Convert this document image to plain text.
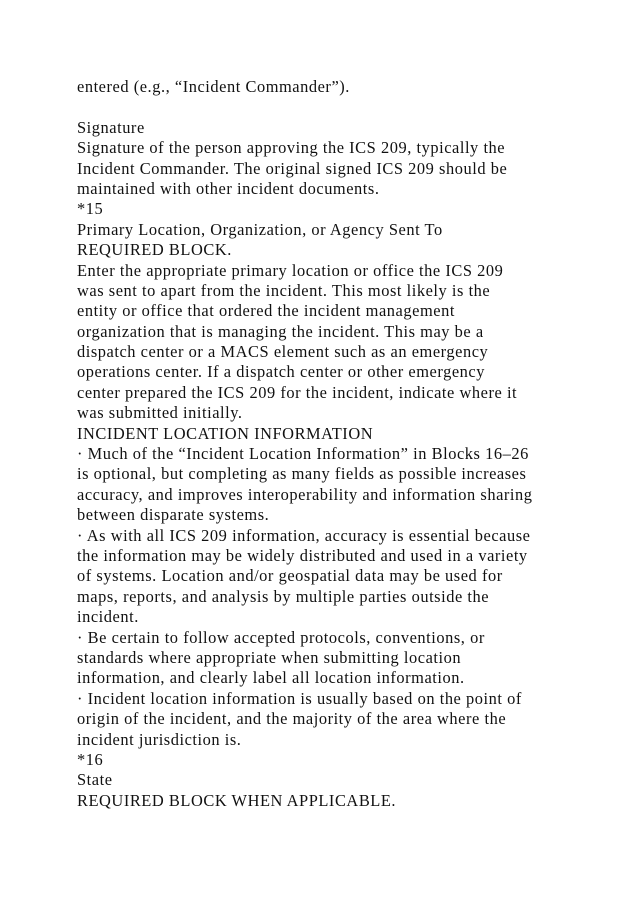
entered (e.g., “Incident Commander”).
Signature
Signature of the person approving the ICS 209, typically the
Incident Commander. The original signed ICS 209 should be
maintained with other incident documents.
*15
Primary Location, Organization, or Agency Sent To
REQUIRED BLOCK.
Enter the appropriate primary location or office the ICS 209
was sent to apart from the incident. This most likely is the
entity or office that ordered the incident management
organization that is managing the incident. This may be a
dispatch center or a MACS element such as an emergency
operations center. If a dispatch center or other emergency
center prepared the ICS 209 for the incident, indicate where it
was submitted initially.
INCIDENT LOCATION INFORMATION
· Much of the “Incident Location Information” in Blocks 16–26
is optional, but completing as many fields as possible increases
accuracy, and improves interoperability and information sharing
between disparate systems.
· As with all ICS 209 information, accuracy is essential because
the information may be widely distributed and used in a variety
of systems. Location and/or geospatial data may be used for
maps, reports, and analysis by multiple parties outside the
incident.
· Be certain to follow accepted protocols, conventions, or
standards where appropriate when submitting location
information, and clearly label all location information.
· Incident location information is usually based on the point of
origin of the incident, and the majority of the area where the
incident jurisdiction is.
*16
State
REQUIRED BLOCK WHEN APPLICABLE.
